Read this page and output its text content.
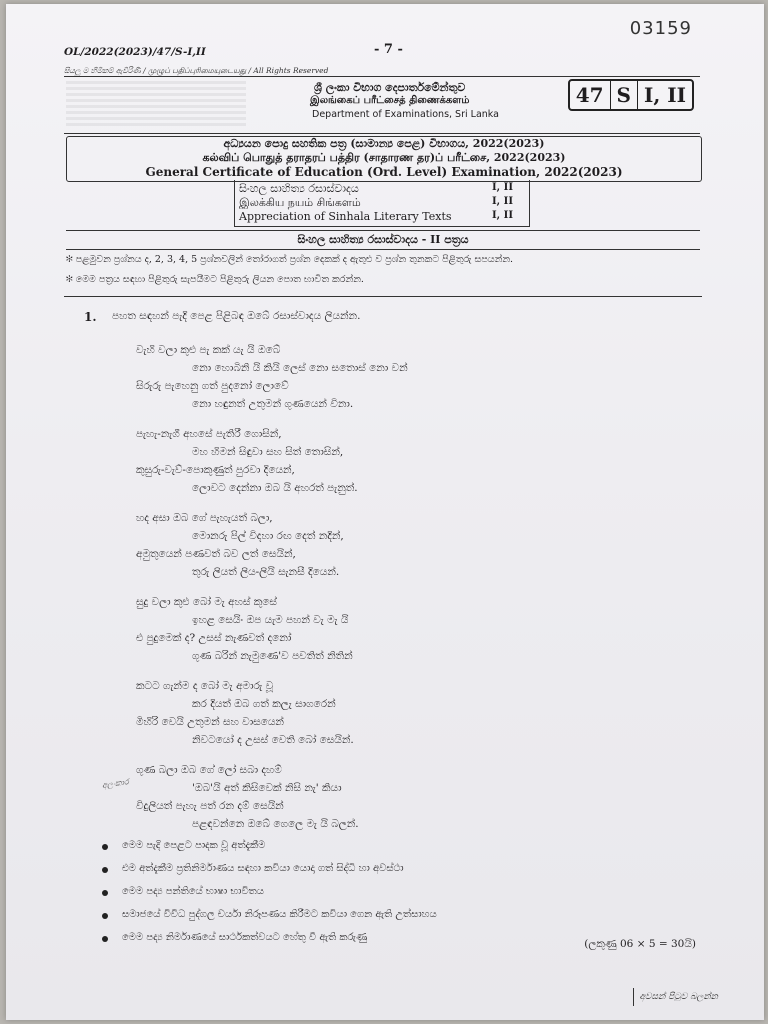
03159
OL/2022(2023)/47/S-I,II	- 7 -
සියලු ම හිමිකම් ඇවිරිණි / முழுப் பதிப்புரிமையுடையது / All Rights Reserved
ශ්‍රී ලංකා විභාග දෙපාර්තමේන්තුව
இலங்கைப் பரீட்சைத் திணைக்களம்
Department of Examinations, Sri Lanka
47 S I, II
අධ්‍යයන පොදු සහතික පත්‍ර (සාමාන්‍ය පෙළ) විභාගය, 2022(2023)
கல்விப் பொதுத் தராதரப் பத்திர (சாதாரண தர)ப் பரீட்சை, 2022(2023)
General Certificate of Education (Ord. Level) Examination, 2022(2023)
සිංහල සාහිත්‍ය රසාස්වාදය	I, II
இலக்கிய நயம் சிங்களம்	I, II
Appreciation of Sinhala Literary Texts	I, II
සිංහල සාහිත්‍ය රසාස්වාදය - II පත්‍රය
✻ පළමුවන ප්‍රශ්නය ද, 2, 3, 4, 5 ප්‍රශ්නවලින් තෝරාගත් ප්‍රශ්න දෙකක් ද ඇතුළු ව ප්‍රශ්න තුනකට පිළිතුරු සපයන්න.
✻ මෙම පත්‍රය සඳහා පිළිතුරු සැපයීමට පිළිතුරු ලියන පොත භාවිත කරන්න.
1. පහත සඳහන් පැදි පෙළ පිළිබඳ ඔබේ රසාස්වාදය ලියන්න.
වැහි වලා කුළු පැ කක් යැ යි ඔබේ
නො හොබිනි යි කියි ලෙස් නො සතොස් නො වන්
සිරුරු පැහෙනු ගත් පුදනෝ ලොවේ
නො හඳුනත් උතුමන් ගුණයෙන් විනා.
පැහැ-නැගී අහසේ පැතිරී ගොසින්,
මහ හිමන් සිඳුවා සහ සිත් තොසින්,
කුසුරු-වැව්-පොකුණුත් පුරවා දියෙන්,
ලොවට දෙන්නා ඔබ යි අහරත් පැනුත්.
හද අසා ඔබ ගේ පැහැයත් බලා,
මොනරු පිල් විදහා රඟ දෙත් නදින්,
අමුතුයෙන් පණවත් බව ලත් සෙයින්,
තුරු ලියත් ලිය-ලියි සැනසී දියෙන්.
සුදු වලා කුළු බෝ මැ අහස් කුසේ
ඉහළ සෙයිං ඔප යැම පහන් වැ මැ යි
එ පුදුමෙක් ද? උසස් නැණවත් දනෝ
ගුණ බරින් නැමුණෙ'ව පවතිත් නිතින්
කටට ගැන්ම ද බෝ මැ අමාරු වූ
කර දියත් ඔබ ගත් කලැ සාගරෙන්
මිහිරි වෙයි උතුමන් සහ වාසයෙන්
නිවටයෝ ද උසස් වෙති බෝ සෙයින්.
ගුණ බලා ඔබ ගේ ලෝ සබා දහම්
'ඔබ'යි අත් කිසිවෙක් නිසි නැ' කියා
විදුලියත් පැහැ පත් රන දම් සෙයින්
පළඳවන්නෙ ඔබේ ගෙලෙ මැ යි බලන්.
අලංකාර
මෙම පැදි පෙළට පාදක වූ අත්දැකීම
එම අත්දැකීම ප්‍රතිනිර්මාණය සඳහා කවියා යොදා ගත් සිද්ධි හා අවස්ථා
මෙම පද්‍ය පන්තියේ භාෂා භාවිතය
සමාජයේ විවිධ පුද්ගල චර්යා නිරූපණය කිරීමට කවියා ගෙන ඇති උත්සාහය
මෙම පද්‍ය නිර්මාණයේ සාර්ථකත්වයට හේතු වී ඇති කරුණු
(ලකුණු 06 × 5 = 30යි)
අවසන් පිටුව බලන්න
